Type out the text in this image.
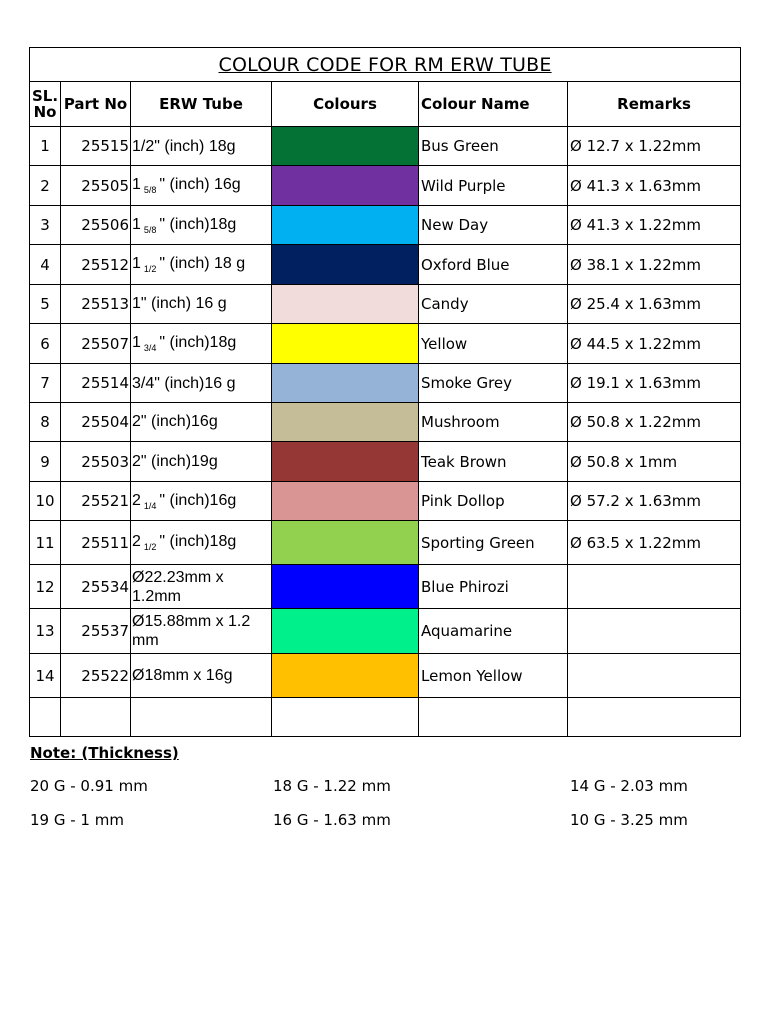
COLOUR CODE FOR RM ERW TUBE					
SL.
No	Part No	ERW Tube	Colours	Colour Name	Remarks
1	25515	1/2" (inch) 18g		Bus Green	Ø 12.7 x 1.22mm
2	25505	1 $_{5/8}$ " (inch) 16g		Wild Purple	Ø 41.3 x 1.63mm
3	25506	1 $_{5/8}$ " (inch)18g		New Day	Ø 41.3 x 1.22mm
4	25512	1 $_{1/2}$ " (inch) 18 g		Oxford Blue	Ø 38.1 x 1.22mm
5	25513	1" (inch) 16 g		Candy	Ø 25.4 x 1.63mm
6	25507	1 $_{3/4}$ " (inch)18g		Yellow	Ø 44.5 x 1.22mm
7	25514	3/4" (inch)16 g		Smoke Grey	Ø 19.1 x 1.63mm
8	25504	2" (inch)16g		Mushroom	Ø 50.8 x 1.22mm
9	25503	2" (inch)19g		Teak Brown	Ø 50.8 x 1mm
10	25521	2 $_{1/4}$ " (inch)16g		Pink Dollop	Ø 57.2 x 1.63mm
11	25511	2 $_{1/2}$ " (inch)18g		Sporting Green	Ø 63.5 x 1.22mm
12	25534	Ø22.23mm x 1.2mm		Blue Phirozi	
13	25537	Ø15.88mm x 1.2 mm		Aquamarine	
14	25522	Ø18mm x 16g		Lemon Yellow	

Note: (Thickness)
20 G - 0.91 mm	18 G - 1.22 mm	14 G - 2.03 mm
19 G - 1 mm	16 G - 1.63 mm	10 G - 3.25 mm
